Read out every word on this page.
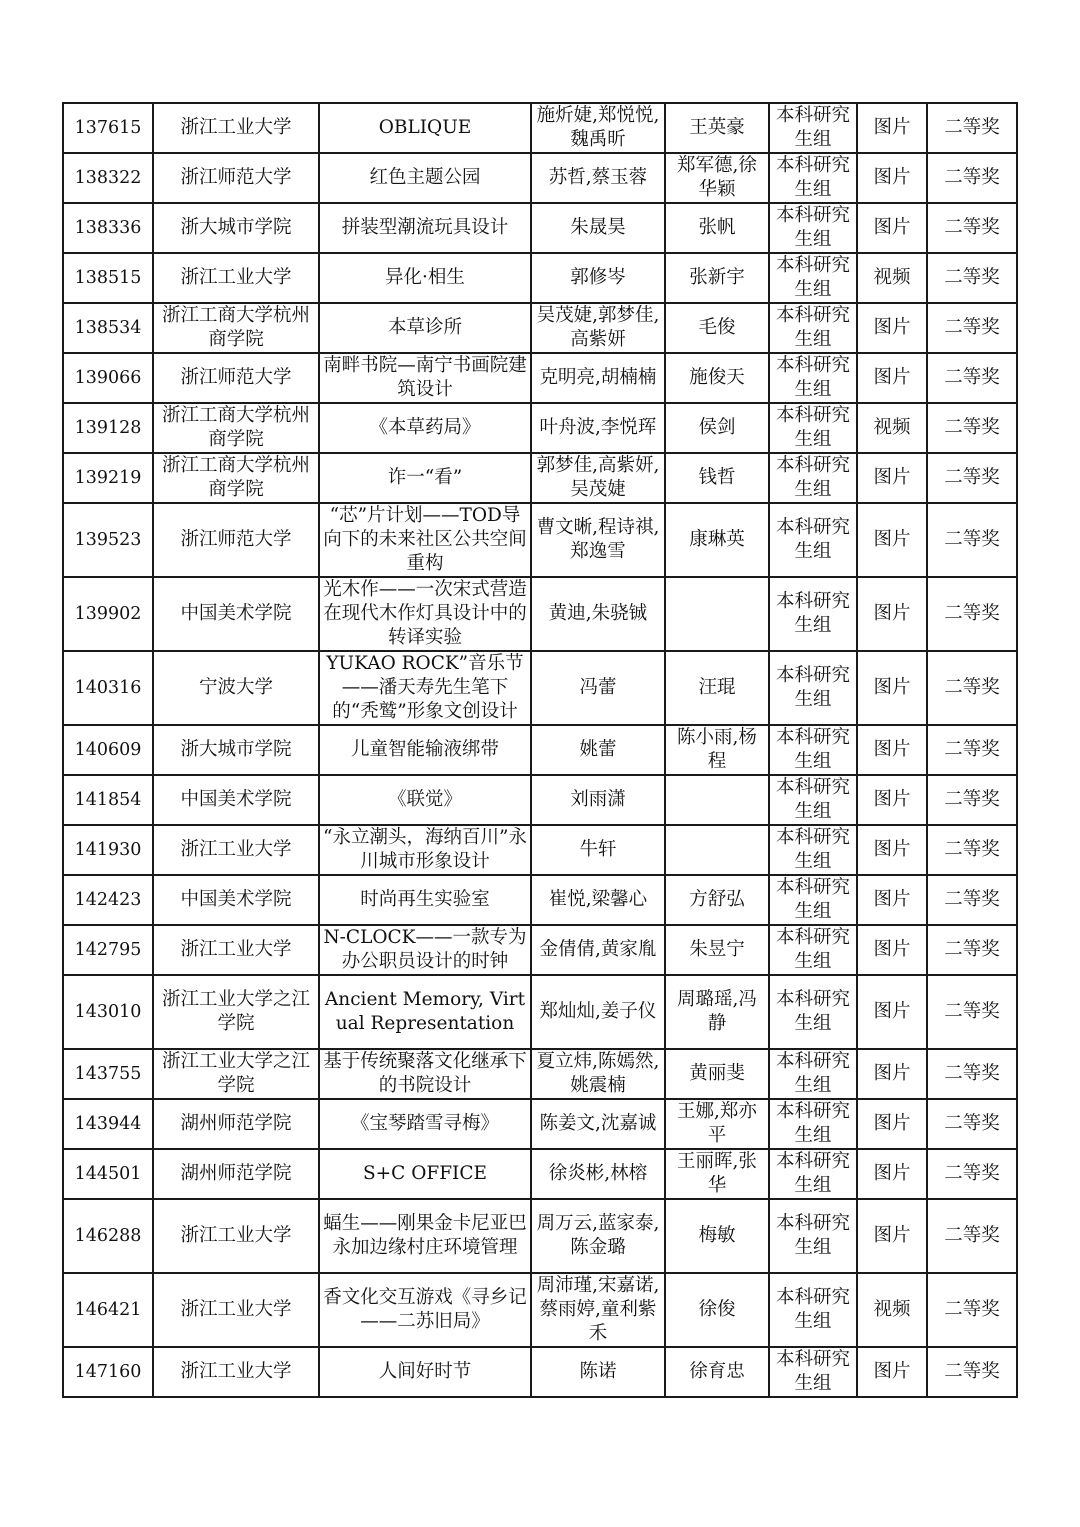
137615	浙江工业大学	OBLIQUE	施炘婕,郑悦悦,魏禹昕	王英豪	本科研究生组	图片	二等奖
138322	浙江师范大学	红色主题公园	苏哲,蔡玉蓉	郑军德,徐华颖	本科研究生组	图片	二等奖
138336	浙大城市学院	拼装型潮流玩具设计	朱晟昊	张帆	本科研究生组	图片	二等奖
138515	浙江工业大学	异化·相生	郭修岑	张新宇	本科研究生组	视频	二等奖
138534	浙江工商大学杭州商学院	本草诊所	吴茂婕,郭梦佳,高紫妍	毛俊	本科研究生组	图片	二等奖
139066	浙江师范大学	南畔书院—南宁书画院建筑设计	克明亮,胡楠楠	施俊天	本科研究生组	图片	二等奖
139128	浙江工商大学杭州商学院	《本草药局》	叶舟波,李悦珲	侯剑	本科研究生组	视频	二等奖
139219	浙江工商大学杭州商学院	诈一“看”	郭梦佳,高紫妍,吴茂婕	钱哲	本科研究生组	图片	二等奖
139523	浙江师范大学	“芯”片计划——TOD导向下的未来社区公共空间重构	曹文晰,程诗祺,郑逸雪	康琳英	本科研究生组	图片	二等奖
139902	中国美术学院	光木作——一次宋式营造在现代木作灯具设计中的转译实验	黄迪,朱骁铖		本科研究生组	图片	二等奖
140316	宁波大学	YUKAO ROCK”音乐节——潘天寿先生笔下的“秃鹫”形象文创设计	冯蕾	汪琨	本科研究生组	图片	二等奖
140609	浙大城市学院	儿童智能输液绑带	姚蕾	陈小雨,杨程	本科研究生组	图片	二等奖
141854	中国美术学院	《联觉》	刘雨潇		本科研究生组	图片	二等奖
141930	浙江工业大学	“永立潮头，海纳百川”永川城市形象设计	牛轩		本科研究生组	图片	二等奖
142423	中国美术学院	时尚再生实验室	崔悦,梁馨心	方舒弘	本科研究生组	图片	二等奖
142795	浙江工业大学	N-CLOCK——一款专为办公职员设计的时钟	金倩倩,黄家胤	朱昱宁	本科研究生组	图片	二等奖
143010	浙江工业大学之江学院	Ancient Memory, Virtual Representation	郑灿灿,姜子仪	周璐瑶,冯静	本科研究生组	图片	二等奖
143755	浙江工业大学之江学院	基于传统聚落文化继承下的书院设计	夏立炜,陈嫣然,姚震楠	黄丽斐	本科研究生组	图片	二等奖
143944	湖州师范学院	《宝琴踏雪寻梅》	陈姜文,沈嘉诚	王娜,郑亦平	本科研究生组	图片	二等奖
144501	湖州师范学院	S+C OFFICE	徐炎彬,林榕	王丽晖,张华	本科研究生组	图片	二等奖
146288	浙江工业大学	蝠生——刚果金卡尼亚巴永加边缘村庄环境管理	周万云,蓝家泰,陈金璐	梅敏	本科研究生组	图片	二等奖
146421	浙江工业大学	香文化交互游戏《寻乡记——二苏旧局》	周沛瑾,宋嘉诺,蔡雨婷,童利紫禾	徐俊	本科研究生组	视频	二等奖
147160	浙江工业大学	人间好时节	陈诺	徐育忠	本科研究生组	图片	二等奖
